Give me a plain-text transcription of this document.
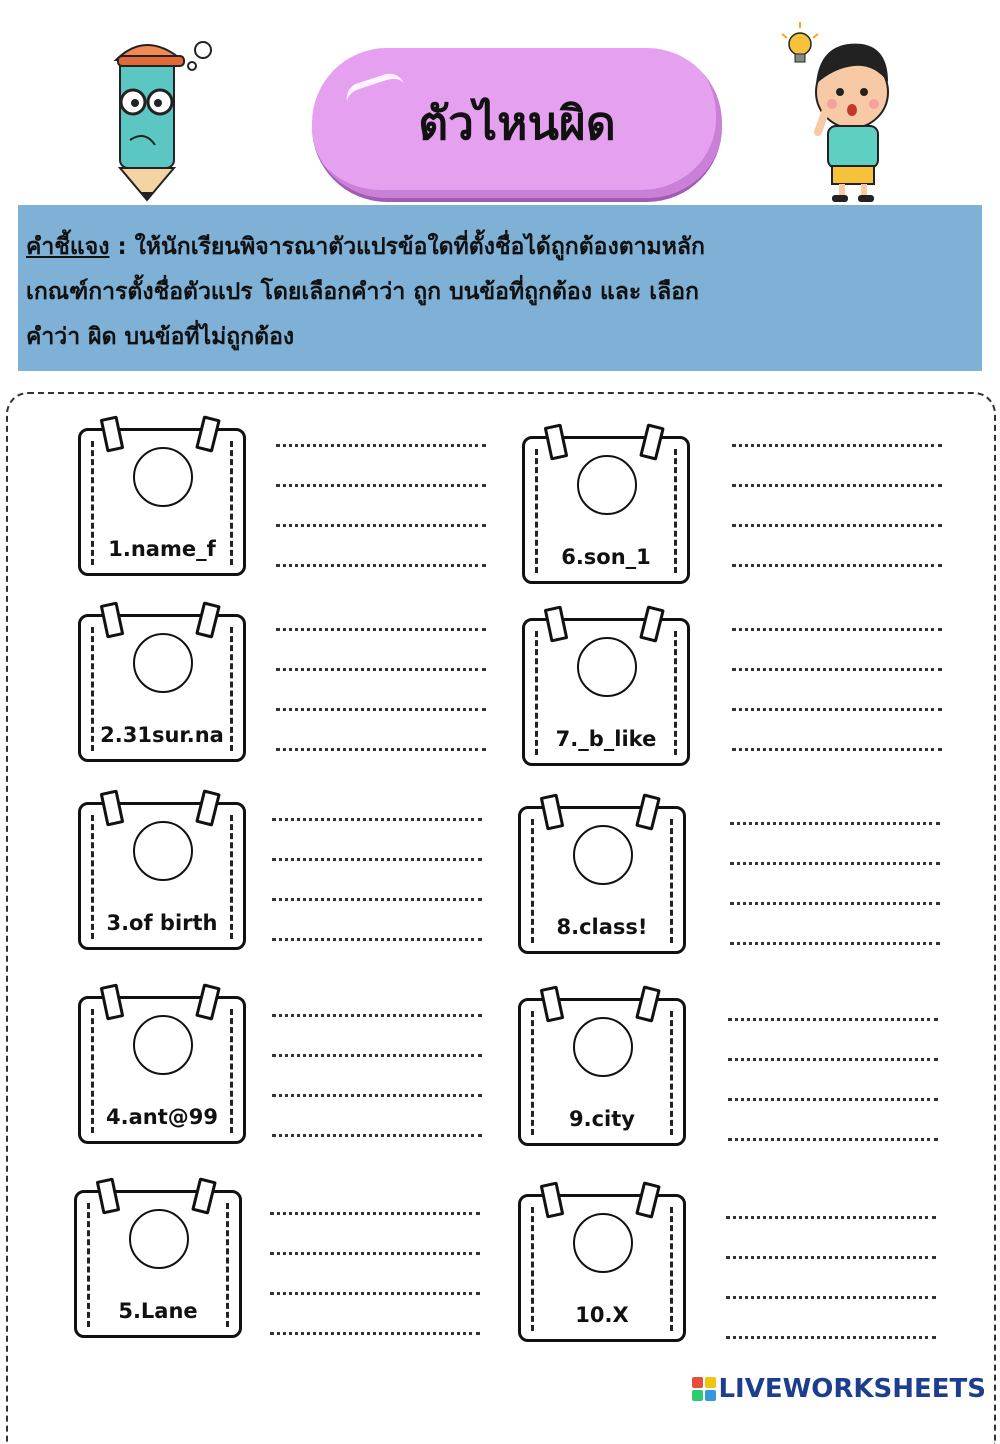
ตัวไหนผิด
คำชี้แจง : ให้นักเรียนพิจารณาตัวแปรข้อใดที่ตั้งชื่อได้ถูกต้องตามหลัก
เกณฑ์การตั้งชื่อตัวแปร โดยเลือกคำว่า ถูก บนข้อที่ถูกต้อง และ เลือก
คำว่า ผิด บนข้อที่ไม่ถูกต้อง
1.name_f
2.31sur.na
3.of birth
4.ant@99
5.Lane
6.son_1
7._b_like
8.class!
9.city
10.X
LIVEWORKSHEETS
